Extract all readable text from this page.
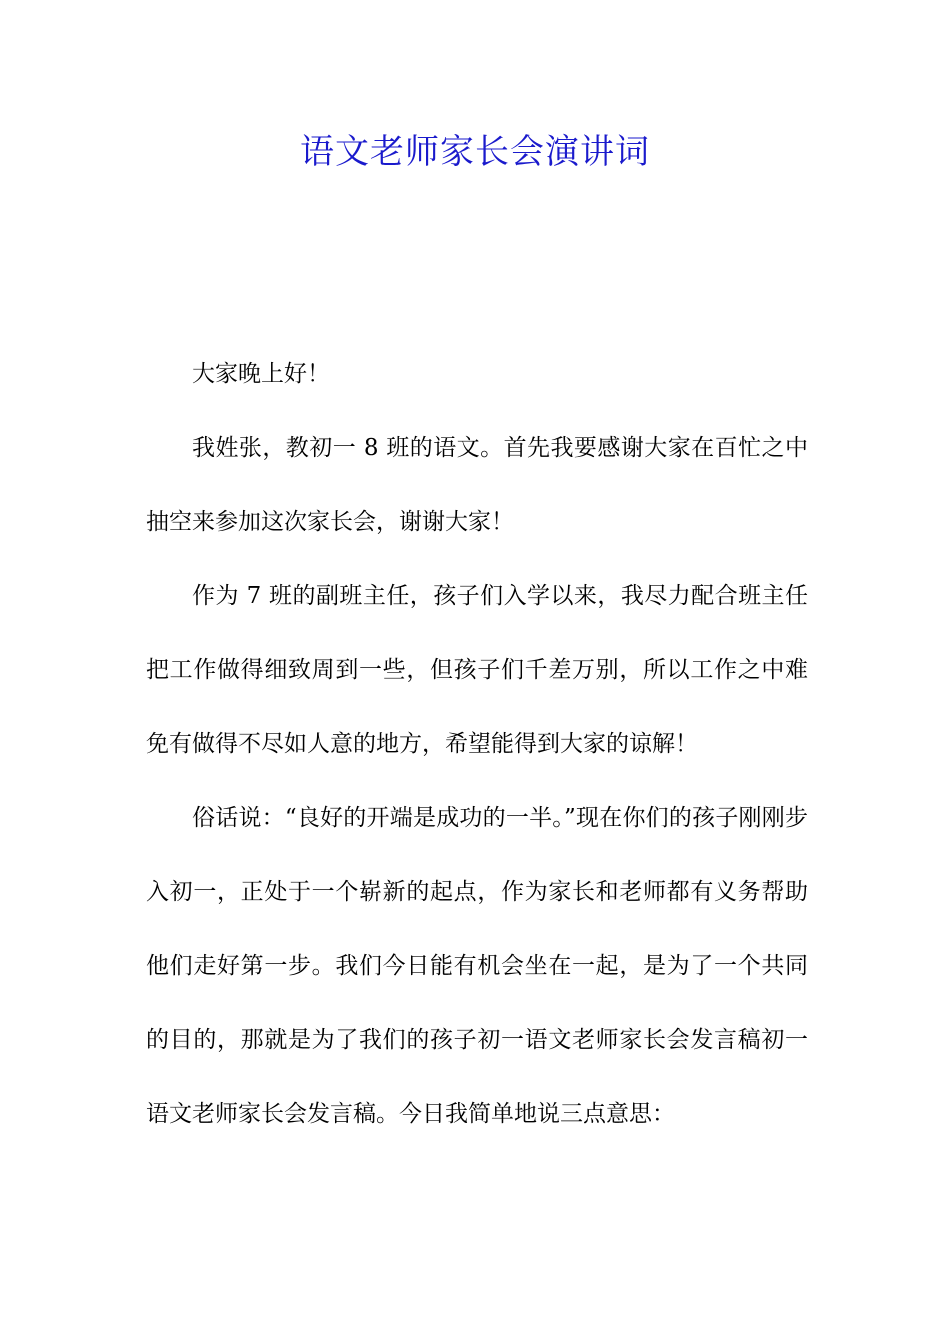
语文老师家长会演讲词

大家晚上好！

我姓张，教初一 8 班的语文。首先我要感谢大家在百忙之中抽空来参加这次家长会，谢谢大家！

作为 7 班的副班主任，孩子们入学以来，我尽力配合班主任把工作做得细致周到一些，但孩子们千差万别，所以工作之中难免有做得不尽如人意的地方，希望能得到大家的谅解！

俗话说：“良好的开端是成功的一半。”现在你们的孩子刚刚步入初一，正处于一个崭新的起点，作为家长和老师都有义务帮助他们走好第一步。我们今日能有机会坐在一起，是为了一个共同的目的，那就是为了我们的孩子初一语文老师家长会发言稿初一语文老师家长会发言稿。今日我简单地说三点意思：
